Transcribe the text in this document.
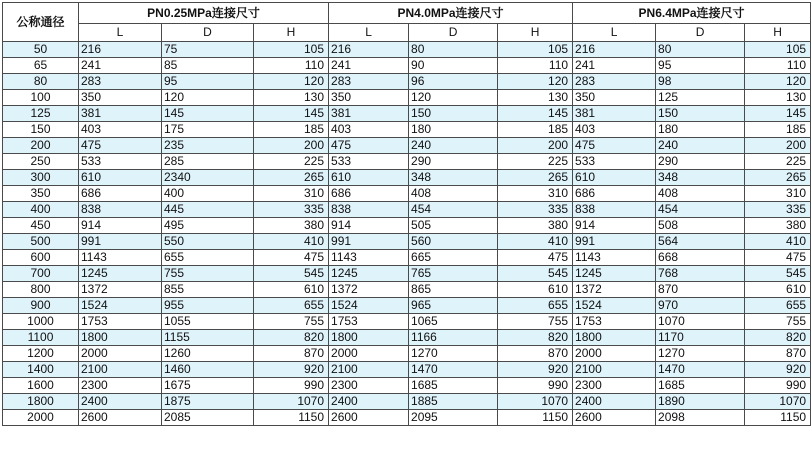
公称通径	PN0.25MPa连接尺寸			PN4.0MPa连接尺寸			PN6.4MPa连接尺寸		
	L	D	H	L	D	H	L	D	H
50	216	75	105	216	80	105	216	80	105
65	241	85	110	241	90	110	241	95	110
80	283	95	120	283	96	120	283	98	120
100	350	120	130	350	120	130	350	125	130
125	381	145	145	381	150	145	381	150	145
150	403	175	185	403	180	185	403	180	185
200	475	235	200	475	240	200	475	240	200
250	533	285	225	533	290	225	533	290	225
300	610	2340	265	610	348	265	610	348	265
350	686	400	310	686	408	310	686	408	310
400	838	445	335	838	454	335	838	454	335
450	914	495	380	914	505	380	914	508	380
500	991	550	410	991	560	410	991	564	410
600	1143	655	475	1143	665	475	1143	668	475
700	1245	755	545	1245	765	545	1245	768	545
800	1372	855	610	1372	865	610	1372	870	610
900	1524	955	655	1524	965	655	1524	970	655
1000	1753	1055	755	1753	1065	755	1753	1070	755
1100	1800	1155	820	1800	1166	820	1800	1170	820
1200	2000	1260	870	2000	1270	870	2000	1270	870
1400	2100	1460	920	2100	1470	920	2100	1470	920
1600	2300	1675	990	2300	1685	990	2300	1685	990
1800	2400	1875	1070	2400	1885	1070	2400	1890	1070
2000	2600	2085	1150	2600	2095	1150	2600	2098	1150
